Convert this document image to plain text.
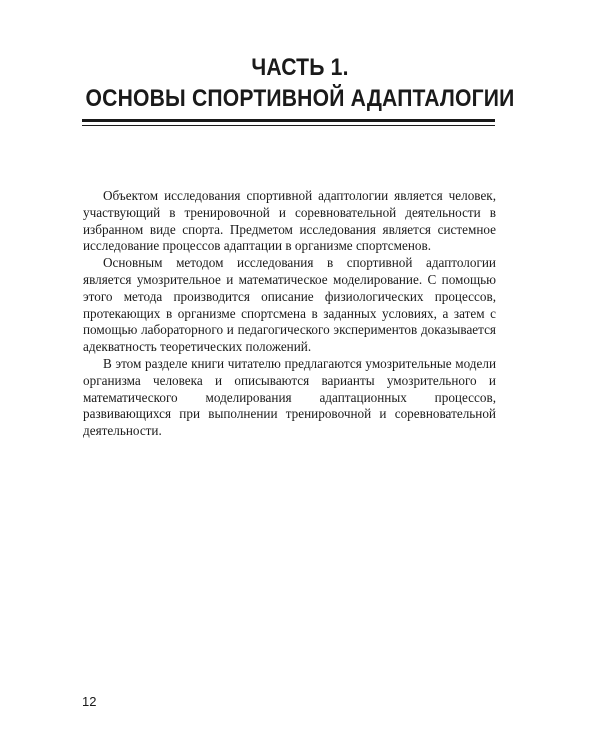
ЧАСТЬ 1.
ОСНОВЫ СПОРТИВНОЙ АДАПТАЛОГИИ

Объектом исследования спортивной адаптологии является человек, участвующий в тренировочной и соревновательной деятельности в избранном виде спорта. Предметом исследования является системное исследование процессов адаптации в организме спортсменов.

Основным методом исследования в спортивной адаптологии является умозрительное и математическое моделирование. С помощью этого метода производится описание физиологических процессов, протекающих в организме спортсмена в заданных условиях, а затем с помощью лабораторного и педагогического экспериментов доказывается адекватность теоретических положений.

В этом разделе книги читателю предлагаются умозрительные модели организма человека и описываются варианты умозрительного и математического моделирования адаптационных процессов, развивающихся при выполнении тренировочной и соревновательной деятельности.

12
